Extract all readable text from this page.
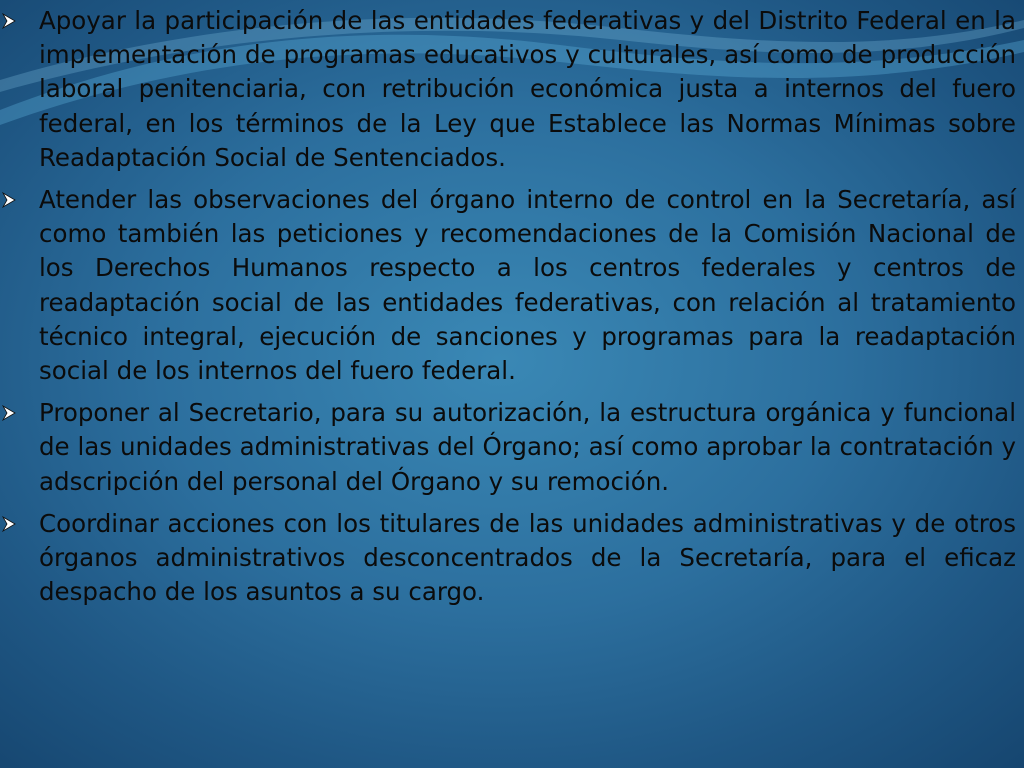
Apoyar la participación de las entidades federativas y del Distrito Federal en la implementación de programas educativos y culturales, así como de producción laboral penitenciaria, con retribución económica justa a internos del fuero federal, en los términos de la Ley que Establece las Normas Mínimas sobre Readaptación Social de Sentenciados.
Atender las observaciones del órgano interno de control en la Secretaría, así como también las peticiones y recomendaciones de la Comisión Nacional de los Derechos Humanos respecto a los centros federales y centros de readaptación social de las entidades federativas, con relación al tratamiento técnico integral, ejecución de sanciones y programas para la readaptación social de los internos del fuero federal.
Proponer al Secretario, para su autorización, la estructura orgánica y funcional de las unidades administrativas del Órgano; así como aprobar la contratación y adscripción del personal del Órgano y su remoción.
Coordinar acciones con los titulares de las unidades administrativas y de otros órganos administrativos desconcentrados de la Secretaría, para el eficaz despacho de los asuntos a su cargo.
